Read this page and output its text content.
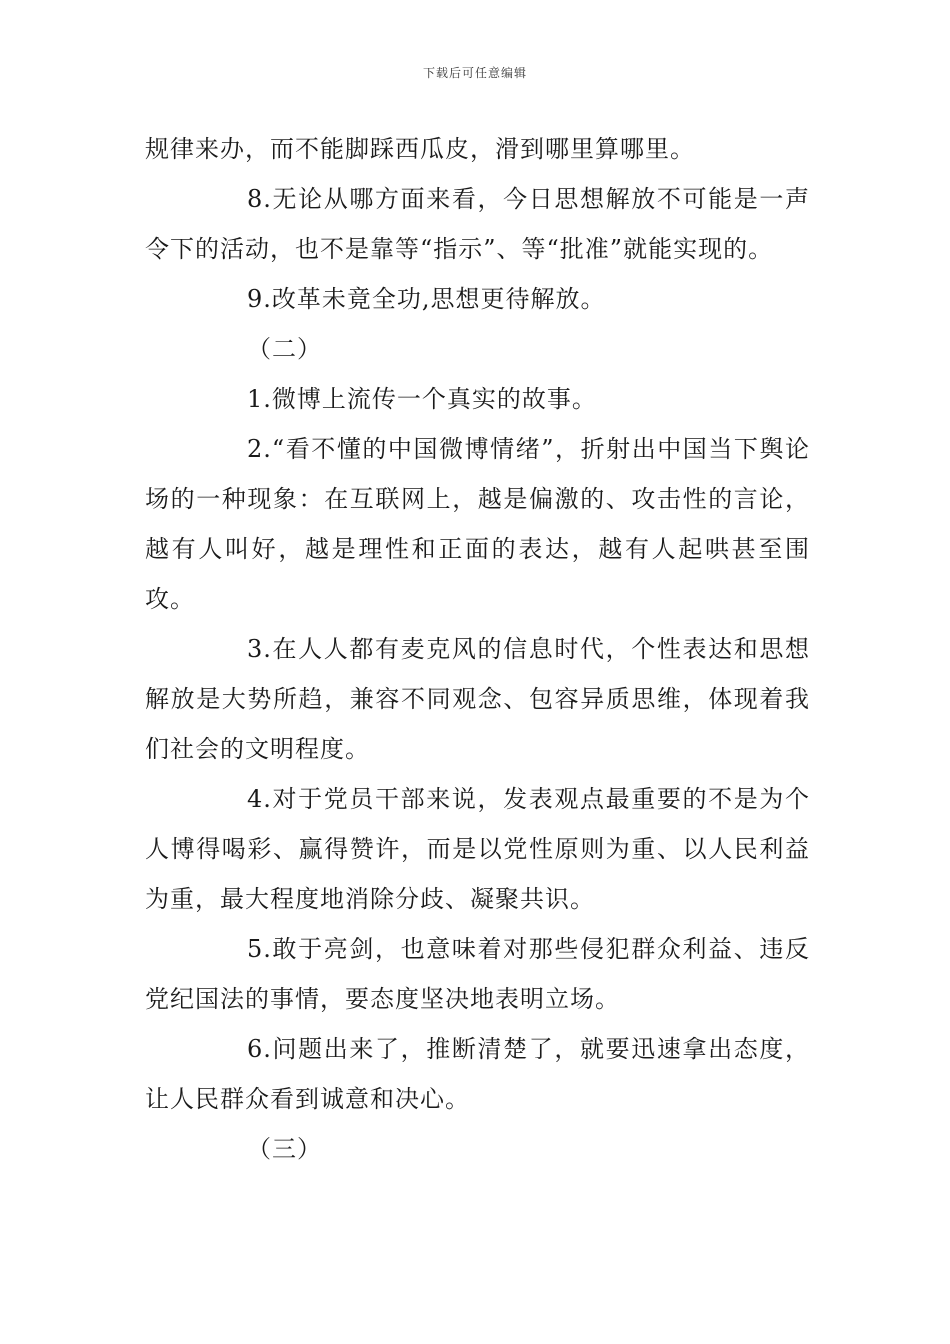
下载后可任意编辑

规律来办，而不能脚踩西瓜皮，滑到哪里算哪里。

8.无论从哪方面来看，今日思想解放不可能是一声令下的活动，也不是靠等“指示”、等“批准”就能实现的。

9.改革未竟全功,思想更待解放。

（二）

1.微博上流传一个真实的故事。

2.“看不懂的中国微博情绪”，折射出中国当下舆论场的一种现象：在互联网上，越是偏激的、攻击性的言论，越有人叫好，越是理性和正面的表达，越有人起哄甚至围攻。

3.在人人都有麦克风的信息时代，个性表达和思想解放是大势所趋，兼容不同观念、包容异质思维，体现着我们社会的文明程度。

4.对于党员干部来说，发表观点最重要的不是为个人博得喝彩、赢得赞许，而是以党性原则为重、以人民利益为重，最大程度地消除分歧、凝聚共识。

5.敢于亮剑，也意味着对那些侵犯群众利益、违反党纪国法的事情，要态度坚决地表明立场。

6.问题出来了，推断清楚了，就要迅速拿出态度，让人民群众看到诚意和决心。

（三）
